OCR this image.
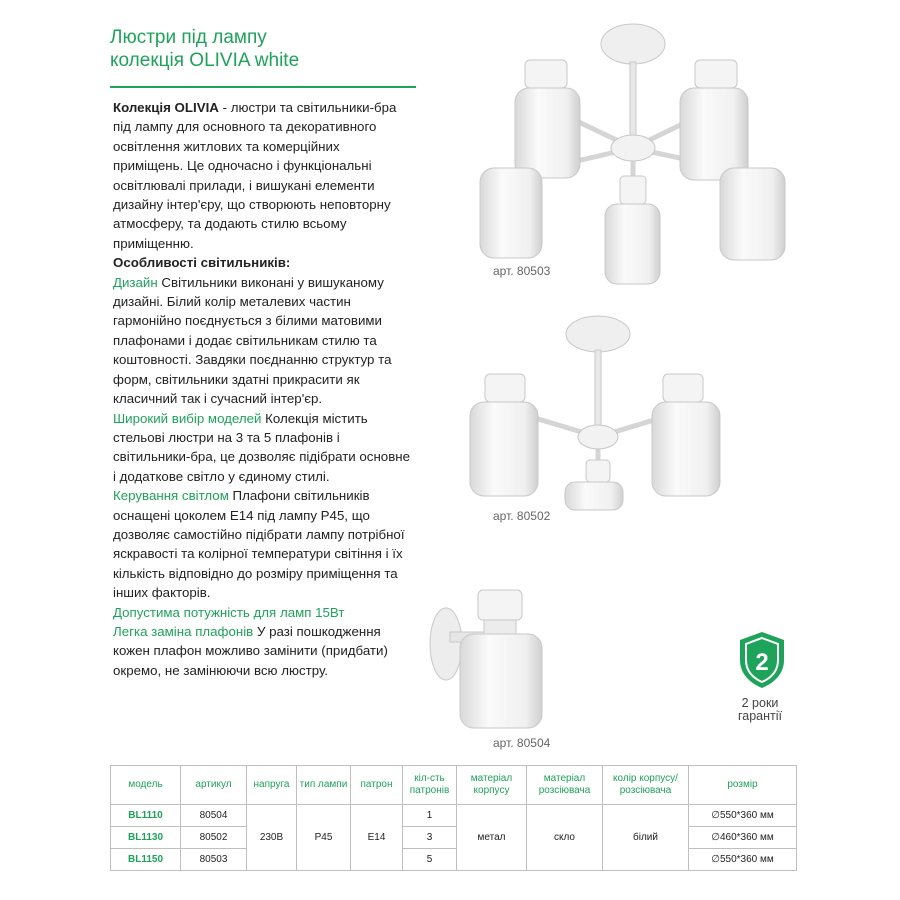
Люстри під лампу
колекція OLIVIA white

Колекція OLIVIA - люстри та світильники-бра під лампу для основного та декоративного освітлення житлових та комерційних приміщень. Це одночасно і функціональні освітлювалі прилади, і вишукані елементи дизайну інтер'єру, що створюють неповторну атмосферу, та додають стилю всьому приміщенню.

Особливості світильників:

Дизайн Світильники виконані у вишуканому дизайні. Білий колір металевих частин гармонійно поєднується з білими матовими плафонами і додає світильникам стилю та коштовності. Завдяки поєднанню структур та форм, світильники здатні прикрасити як класичний так і сучасний інтер'єр.

Широкий вибір моделей Колекція містить стельові люстри на 3 та 5 плафонів і світильники-бра, це дозволяє підібрати основне і додаткове світло у єдиному стилі.

Керування світлом Плафони світильників оснащені цоколем Е14 під лампу Р45, що дозволяє самостійно підібрати лампу потрібної яскравості та колірної температури світіння і їх кількість відповідно до розміру приміщення та інших факторів.

Допустима потужність для ламп 15Вт

Легка заміна плафонів У разі пошкодження кожен плафон можливо замінити (придбати) окремо, не замінюючи всю люстру.

арт. 80503
арт. 80502
арт. 80504
2
2 роки
гарантії
модель	артикул	напруга	тип лампи	патрон	кіл-сть патронів	матеріал корпусу	матеріал розсіювача	колір корпусу/ розсіювача	розмір
BL1110	80504	230В	Р45	Е14	1	метал	скло	білий	∅550*360 мм
BL1130	80502				3				∅460*360 мм
BL1150	80503				5				∅550*360 мм
